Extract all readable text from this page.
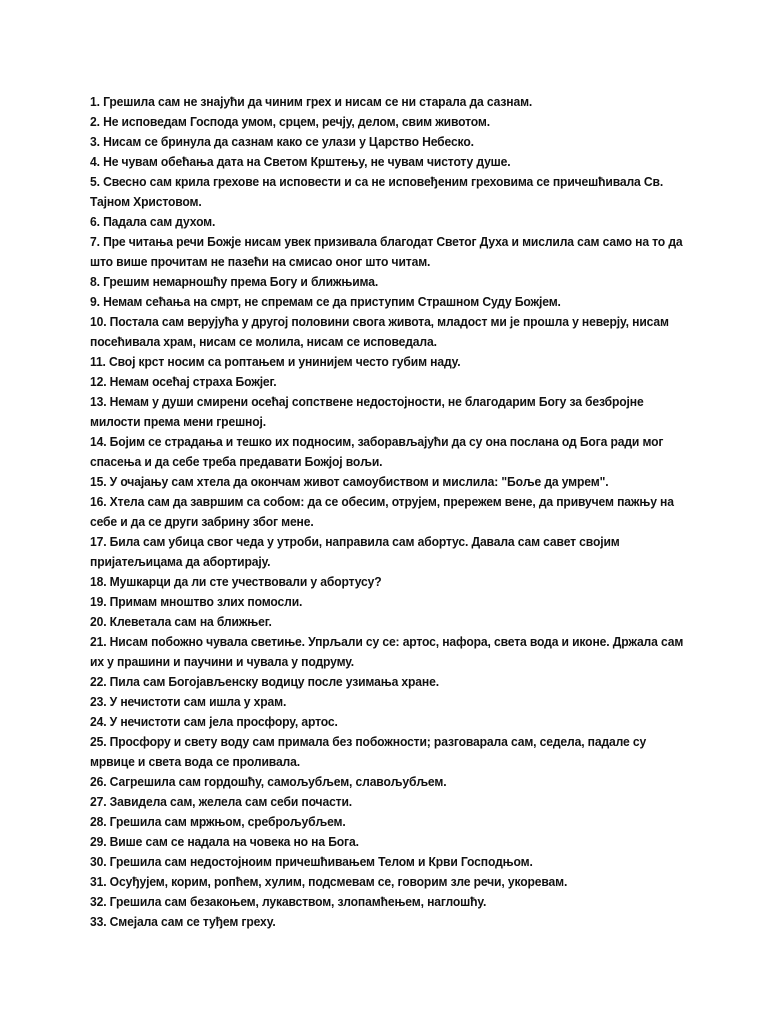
1. Грешила сам не знајући да чиним грех и нисам се ни старала да сазнам.

2. Не исповедам Господа умом, срцем, речју, делом, свим животом.

3. Нисам се бринула да сазнам како се улази у Царство Небеско.

4. Не чувам обећања дата на Светом Крштењу, не чувам чистоту душе.

5. Свесно сам крила грехове на исповести и са не исповеђеним греховима се причешћивала Св. Тајном Христовом.

6. Падала сам духом.

7. Пре читања речи Божје нисам увек призивала благодат Светог Духа и мислила сам само на то да што више прочитам не пазећи на смисао оног што читам.

8. Грешим немарношћу према Богу и ближњима.

9. Немам сећања на смрт, не спремам се да приступим Страшном Суду Божјем.

10. Постала сам верујућа у другој половини свога живота, младост ми је прошла у неверју, нисам посећивала храм, нисам се молила, нисам се исповедала.

11. Свој крст носим са роптањем и унинијем често губим наду.

12. Немам осећај страха Божјег.

13. Немам у души смирени осећај сопствене недостојности, не благодарим Богу за безбројне милости према мени грешној.

14. Бојим се страдања и тешко их подносим, заборављајући да су она послана од Бога ради мог спасења и да себе треба предавати Божјој вољи.

15. У очајању сам хтела да окончам живот самоубиством и мислила: "Боље да умрем".

16. Хтела сам да завршим са собом: да се обесим, отрујем, прережем вене, да привучем пажњу на себе и да се други забрину због мене.

17. Била сам убица свог чеда у утроби, направила сам абортус. Давала сам савет својим пријатељицама да абортирају.

18. Мушкарци да ли сте учествовали у абортусу?

19. Примам мноштво злих помосли.

20. Клеветала сам на ближњег.

21. Нисам побожно чувала светиње. Упрљали су се: артос, нафора, света вода и иконе. Држала сам их у прашини и паучини и чувала у подруму.

22. Пила сам Богојављенску водицу после узимања хране.

23. У нечистоти сам ишла у храм.

24. У нечистоти сам јела просфору, артос.

25. Просфору и свету воду сам примала без побожности; разговарала сам, седела, падале су мрвице и света вода се проливала.

26. Сагрешила сам гордошћу, самољубљем, славољубљем.

27. Завидела сам, желела сам себи почасти.

28. Грешила сам мржњом, среброљубљем.

29. Више сам се надала на човека но на Бога.

30. Грешила сам недостојноим причешћивањем Телом и Крви Господњом.

31. Осуђујем, корим, ропћем, хулим, подсмевам се, говорим зле речи, укоревам.

32. Грешила сам безакоњем, лукавством, злопамћењем, наглошћу.

33. Смејала сам се туђем греху.
